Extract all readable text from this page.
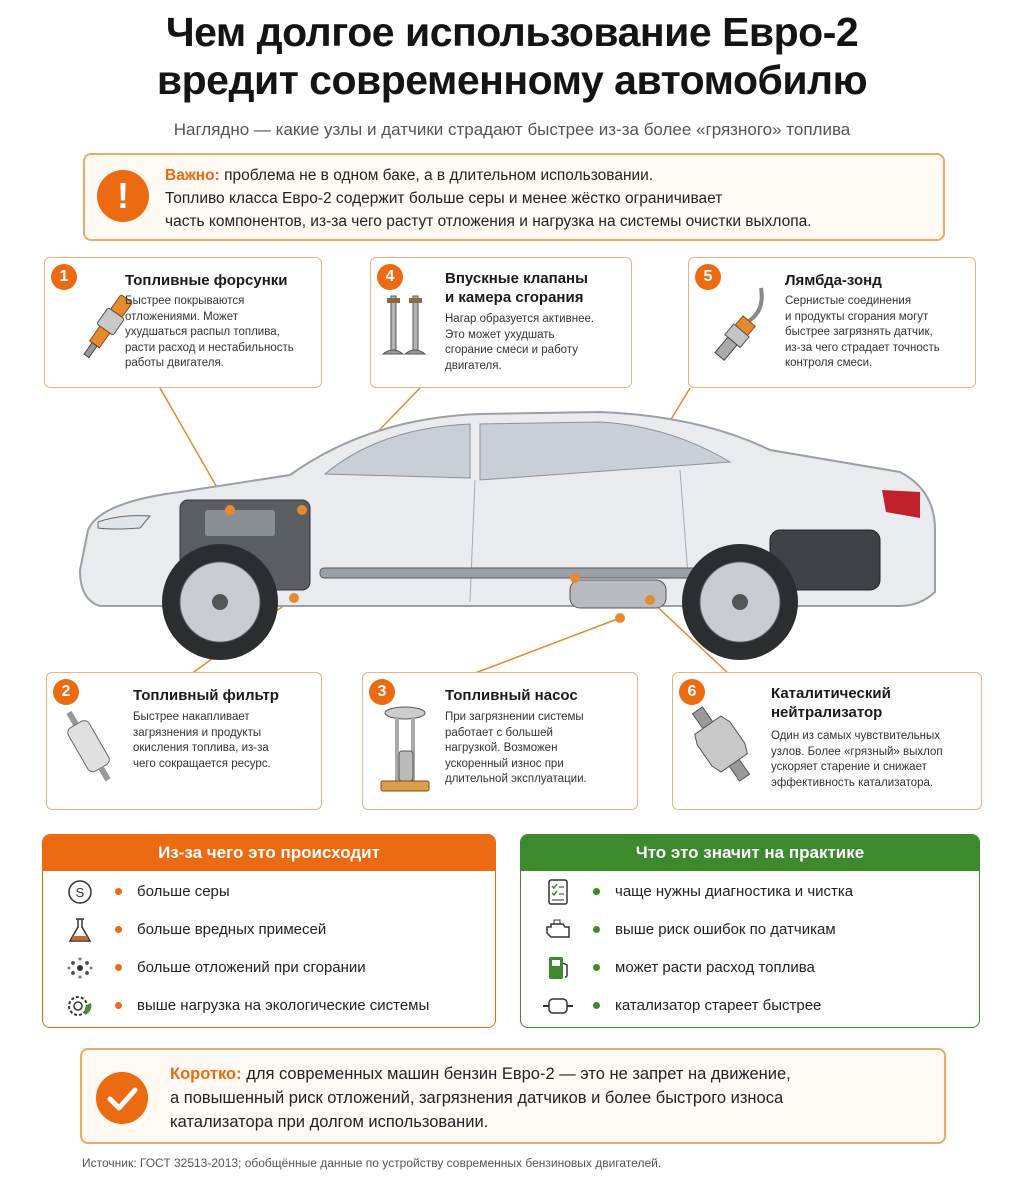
Чем долгое использование Евро-2
вредит современному автомобилю
Наглядно — какие узлы и датчики страдают быстрее из-за более «грязного» топлива
!	Важно: проблема не в одном баке, а в длительном использовании.
Топливо класса Евро-2 содержит больше серы и менее жёстко ограничивает
часть компонентов, из-за чего растут отложения и нагрузка на системы очистки выхлопа.
1	Топливные форсунки
Быстрее покрываются
отложениями. Может
ухудшаться распыл топлива,
расти расход и нестабильность
работы двигателя.
4	Впускные клапаны
и камера сгорания
Нагар образуется активнее.
Это может ухудшать
сгорание смеси и работу
двигателя.
5	Лямбда-зонд
Сернистые соединения
и продукты сгорания могут
быстрее загрязнять датчик,
из-за чего страдает точность
контроля смеси.
2	Топливный фильтр
Быстрее накапливает
загрязнения и продукты
окисления топлива, из-за
чего сокращается ресурс.
3	Топливный насос
При загрязнении системы
работает с большей
нагрузкой. Возможен
ускоренный износ при
длительной эксплуатации.
6	Каталитический
нейтрализатор
Один из самых чувствительных
узлов. Более «грязный» выхлоп
ускоряет старение и снижает
эффективность катализатора.
Из-за чего это происходит
S	больше серы
больше вредных примесей
больше отложений при сгорании
выше нагрузка на экологические системы
Что это значит на практике
чаще нужны диагностика и чистка
выше риск ошибок по датчикам
может расти расход топлива
катализатор стареет быстрее
Коротко: для современных машин бензин Евро-2 — это не запрет на движение,
а повышенный риск отложений, загрязнения датчиков и более быстрого износа
катализатора при долгом использовании.
Источник: ГОСТ 32513-2013; обобщённые данные по устройству современных бензиновых двигателей.
